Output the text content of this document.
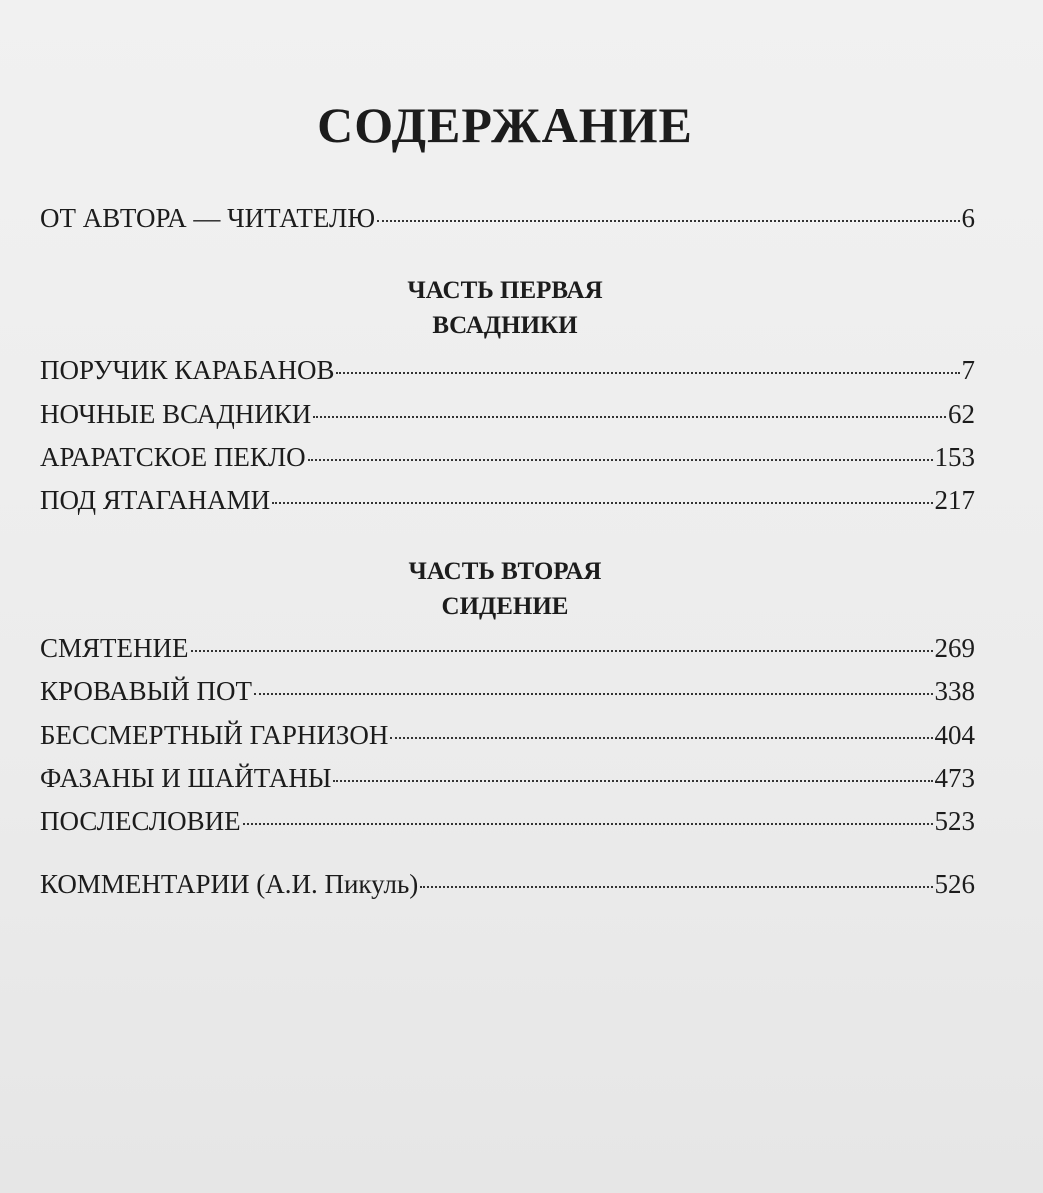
СОДЕРЖАНИЕ
ОТ АВТОРА — ЧИТАТЕЛЮ	6
ЧАСТЬ ПЕРВАЯ
ВСАДНИКИ
ПОРУЧИК КАРАБАНОВ	7
НОЧНЫЕ ВСАДНИКИ	62
АРАРАТСКОЕ ПЕКЛО	153
ПОД ЯТАГАНАМИ	217
ЧАСТЬ ВТОРАЯ
СИДЕНИЕ
СМЯТЕНИЕ	269
КРОВАВЫЙ ПОТ	338
БЕССМЕРТНЫЙ ГАРНИЗОН	404
ФАЗАНЫ И ШАЙТАНЫ	473
ПОСЛЕСЛОВИЕ	523
КОММЕНТАРИИ (А.И. Пикуль)	526
